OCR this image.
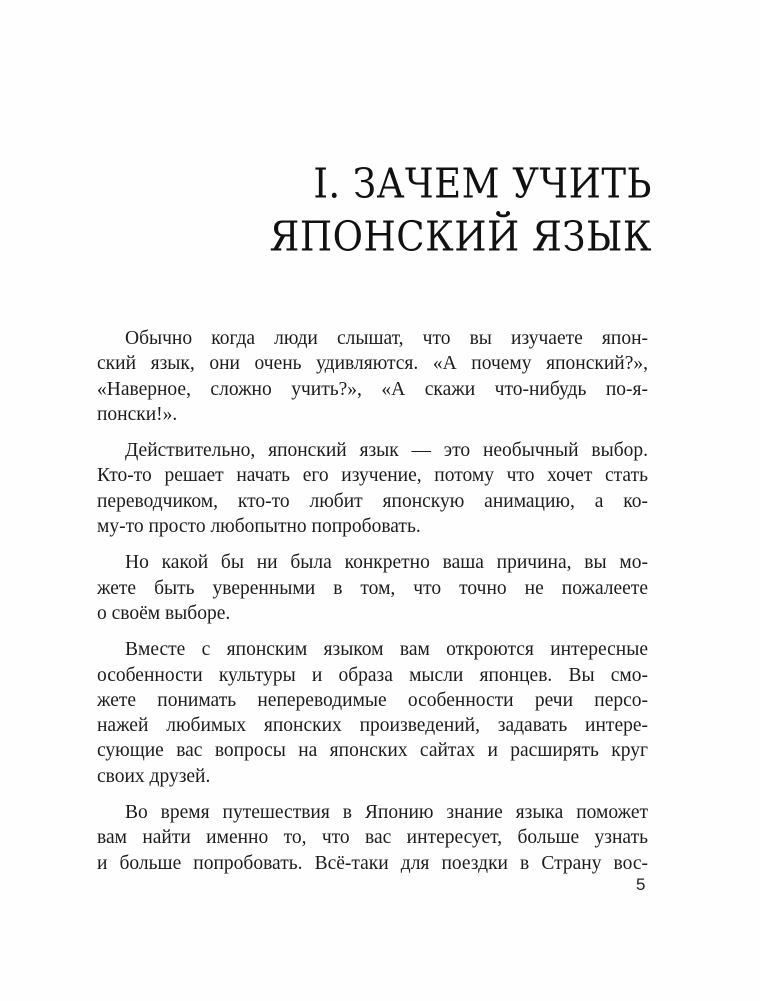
I. ЗАЧЕМ УЧИТЬ
ЯПОНСКИЙ ЯЗЫК

Обычно когда люди слышат, что вы изучаете япон-
ский язык, они очень удивляются. «А почему японский?»,
«Наверное, сложно учить?», «А скажи что-нибудь по-я-
понски!».

Действительно, японский язык — это необычный выбор.
Кто-то решает начать его изучение, потому что хочет стать
переводчиком, кто-то любит японскую анимацию, а ко-
му-то просто любопытно попробовать.

Но какой бы ни была конкретно ваша причина, вы мо-
жете быть уверенными в том, что точно не пожалеете
о своём выборе.

Вместе с японским языком вам откроются интересные
особенности культуры и образа мысли японцев. Вы смо-
жете понимать непереводимые особенности речи персо-
нажей любимых японских произведений, задавать интере-
сующие вас вопросы на японских сайтах и расширять круг
своих друзей.

Во время путешествия в Японию знание языка поможет
вам найти именно то, что вас интересует, больше узнать
и больше попробовать. Всё-таки для поездки в Страну вос-

5
